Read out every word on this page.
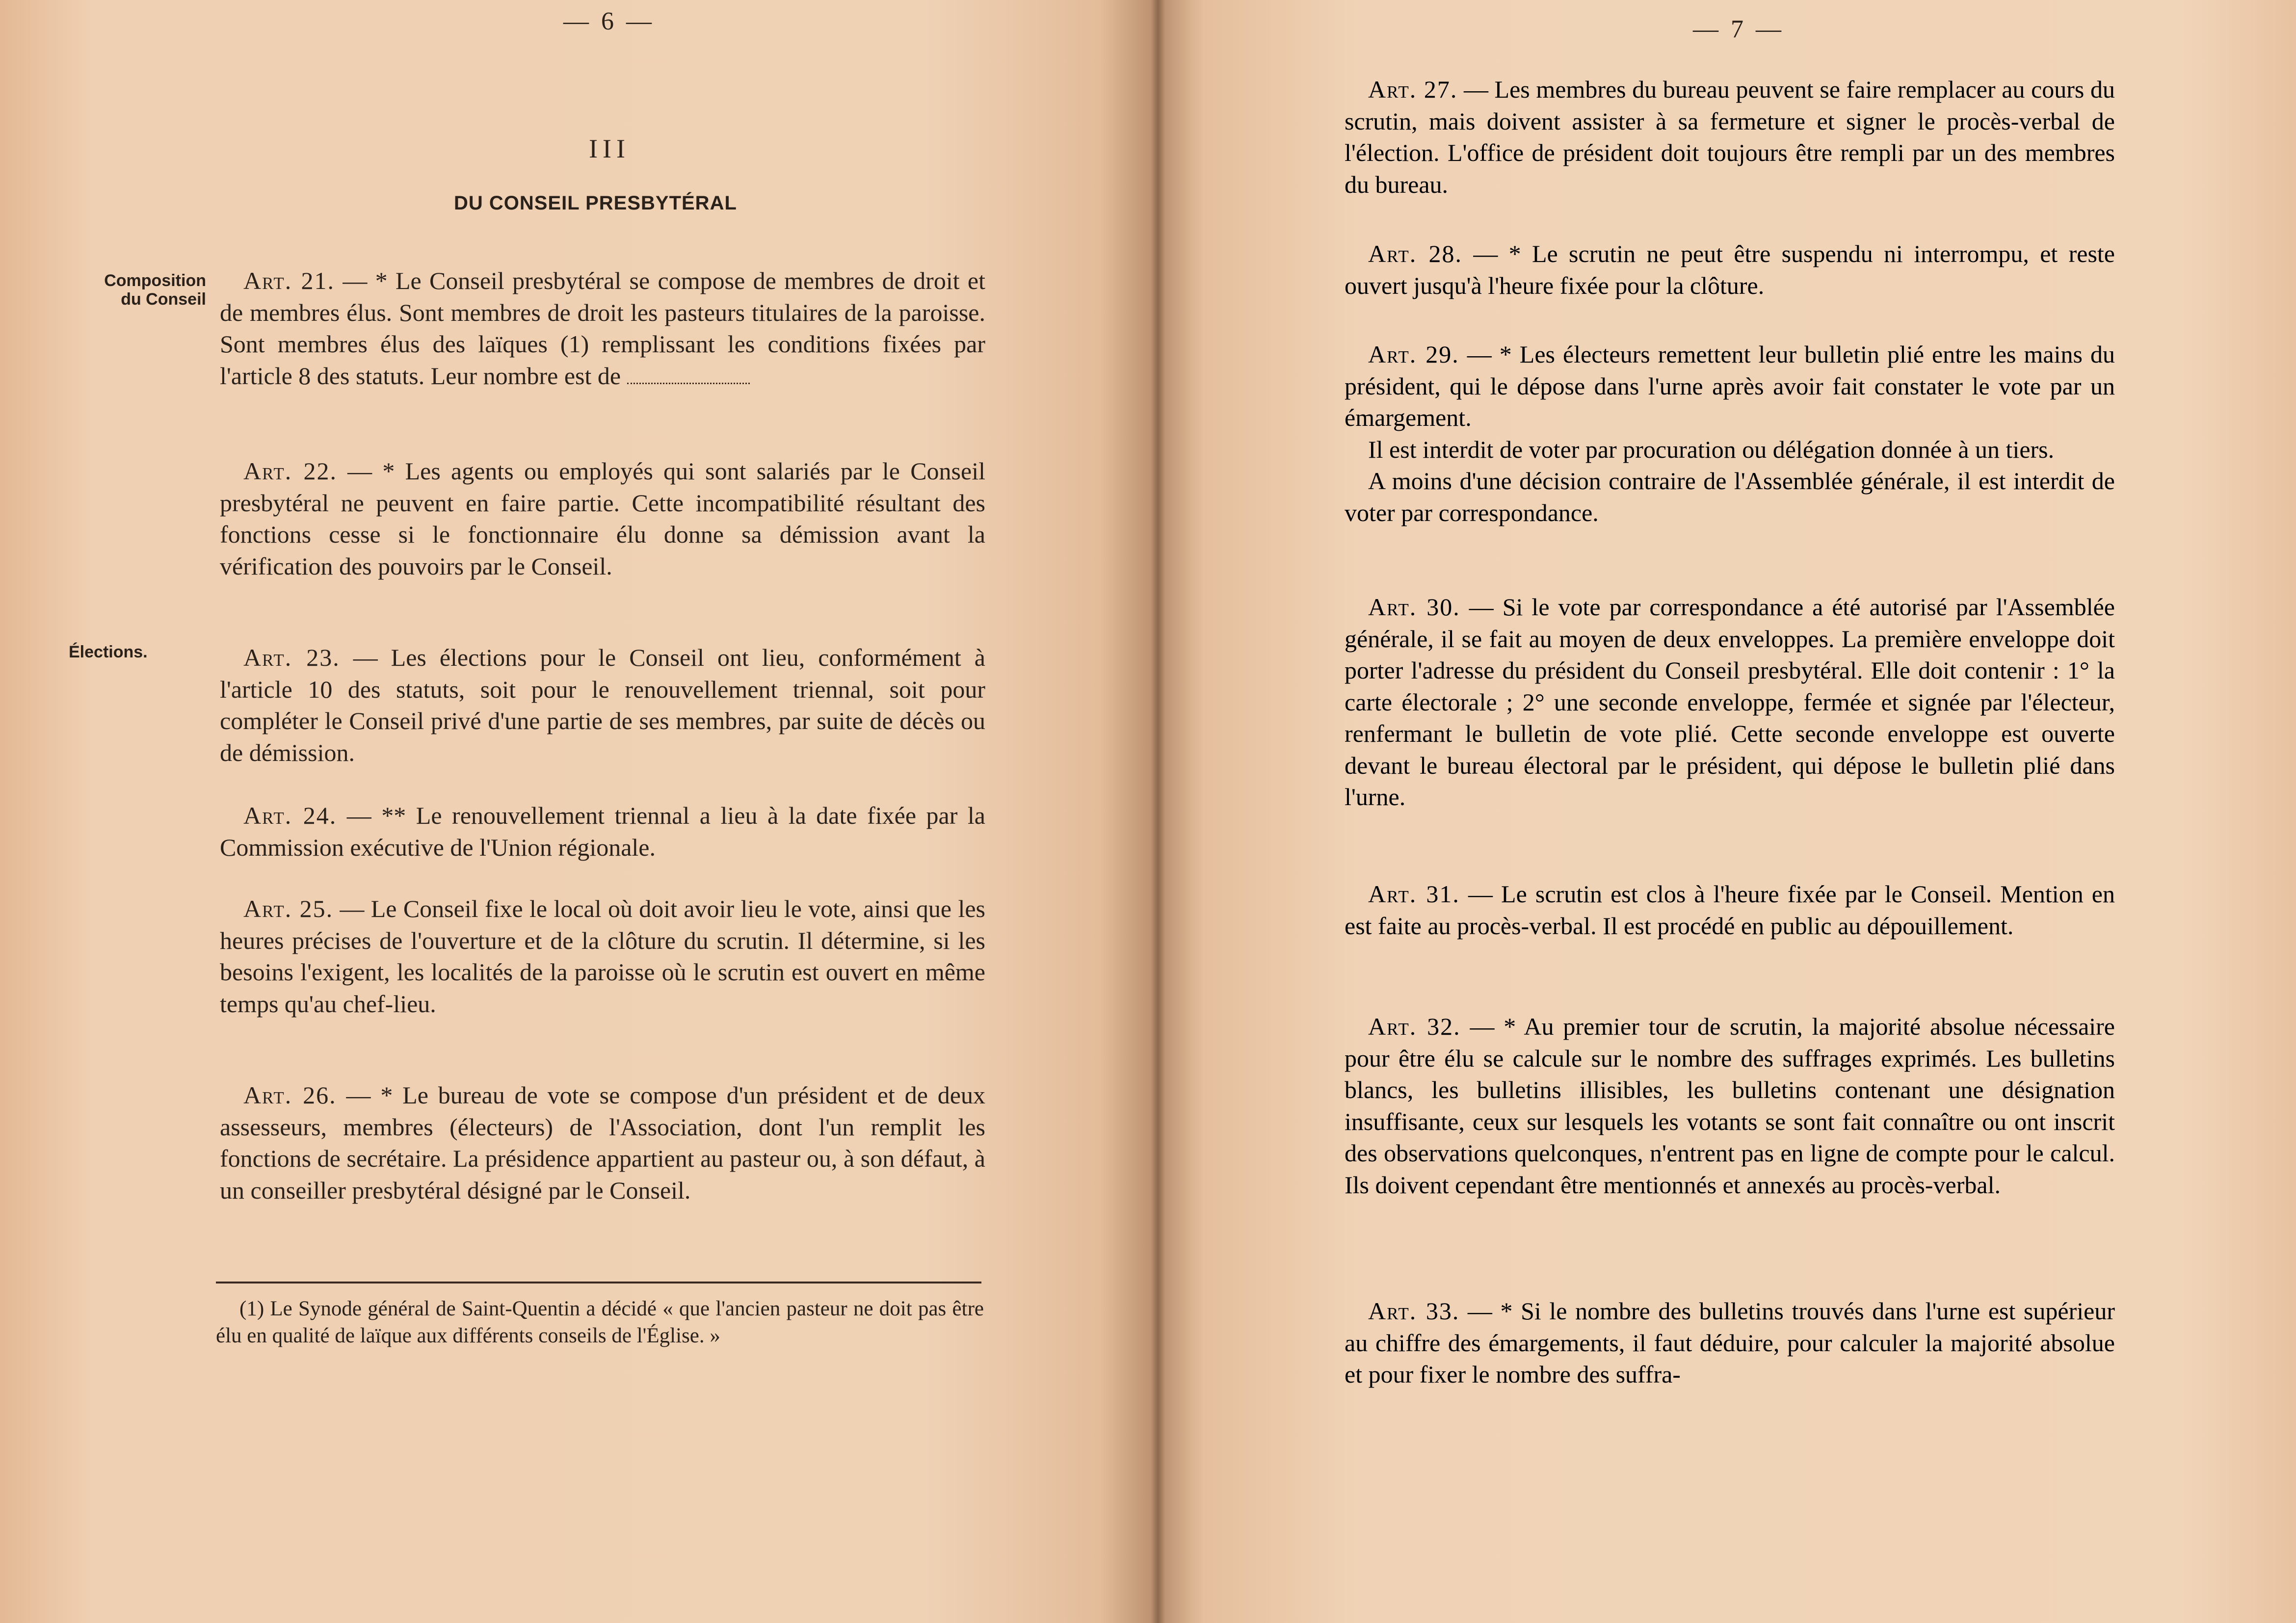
— 6 —
III
DU CONSEIL PRESBYTÉRAL
Composition
du Conseil
Élections.

Art. 21. — * Le Conseil presbytéral se compose de membres de droit et de membres élus. Sont membres de droit les pasteurs titulaires de la paroisse. Sont membres élus des laïques (1) remplissant les conditions fixées par l'article 8 des statuts. Leur nombre est de

Art. 22. — * Les agents ou employés qui sont salariés par le Conseil presbytéral ne peuvent en faire partie. Cette incompatibilité résultant des fonctions cesse si le fonctionnaire élu donne sa démission avant la vérification des pouvoirs par le Conseil.

Art. 23. — Les élections pour le Conseil ont lieu, conformément à l'article 10 des statuts, soit pour le renouvellement triennal, soit pour compléter le Conseil privé d'une partie de ses membres, par suite de décès ou de démission.

Art. 24. — ** Le renouvellement triennal a lieu à la date fixée par la Commission exécutive de l'Union régionale.

Art. 25. — Le Conseil fixe le local où doit avoir lieu le vote, ainsi que les heures précises de l'ouverture et de la clôture du scrutin. Il détermine, si les besoins l'exigent, les localités de la paroisse où le scrutin est ouvert en même temps qu'au chef-lieu.

Art. 26. — * Le bureau de vote se compose d'un président et de deux assesseurs, membres (électeurs) de l'Association, dont l'un remplit les fonctions de secrétaire. La présidence appartient au pasteur ou, à son défaut, à un conseiller presbytéral désigné par le Conseil.

(1) Le Synode général de Saint-Quentin a décidé « que l'ancien pasteur ne doit pas être élu en qualité de laïque aux différents conseils de l'Église. »

— 7 —

Art. 27. — Les membres du bureau peuvent se faire remplacer au cours du scrutin, mais doivent assister à sa fermeture et signer le procès-verbal de l'élection. L'office de président doit toujours être rempli par un des membres du bureau.

Art. 28. — * Le scrutin ne peut être suspendu ni interrompu, et reste ouvert jusqu'à l'heure fixée pour la clôture.

Art. 29. — * Les électeurs remettent leur bulletin plié entre les mains du président, qui le dépose dans l'urne après avoir fait constater le vote par un émargement.

Il est interdit de voter par procuration ou délégation donnée à un tiers.

A moins d'une décision contraire de l'Assemblée générale, il est interdit de voter par correspondance.

Art. 30. — Si le vote par correspondance a été autorisé par l'Assemblée générale, il se fait au moyen de deux enveloppes. La première enveloppe doit porter l'adresse du président du Conseil presbytéral. Elle doit contenir : 1° la carte électorale ; 2° une seconde enveloppe, fermée et signée par l'électeur, renfermant le bulletin de vote plié. Cette seconde enveloppe est ouverte devant le bureau électoral par le président, qui dépose le bulletin plié dans l'urne.

Art. 31. — Le scrutin est clos à l'heure fixée par le Conseil. Mention en est faite au procès-verbal. Il est procédé en public au dépouillement.

Art. 32. — * Au premier tour de scrutin, la majorité absolue nécessaire pour être élu se calcule sur le nombre des suffrages exprimés. Les bulletins blancs, les bulletins illisibles, les bulletins contenant une désignation insuffisante, ceux sur lesquels les votants se sont fait connaître ou ont inscrit des observations quelconques, n'entrent pas en ligne de compte pour le calcul. Ils doivent cependant être mentionnés et annexés au procès-verbal.

Art. 33. — * Si le nombre des bulletins trouvés dans l'urne est supérieur au chiffre des émargements, il faut déduire, pour calculer la majorité absolue et pour fixer le nombre des suffra-
